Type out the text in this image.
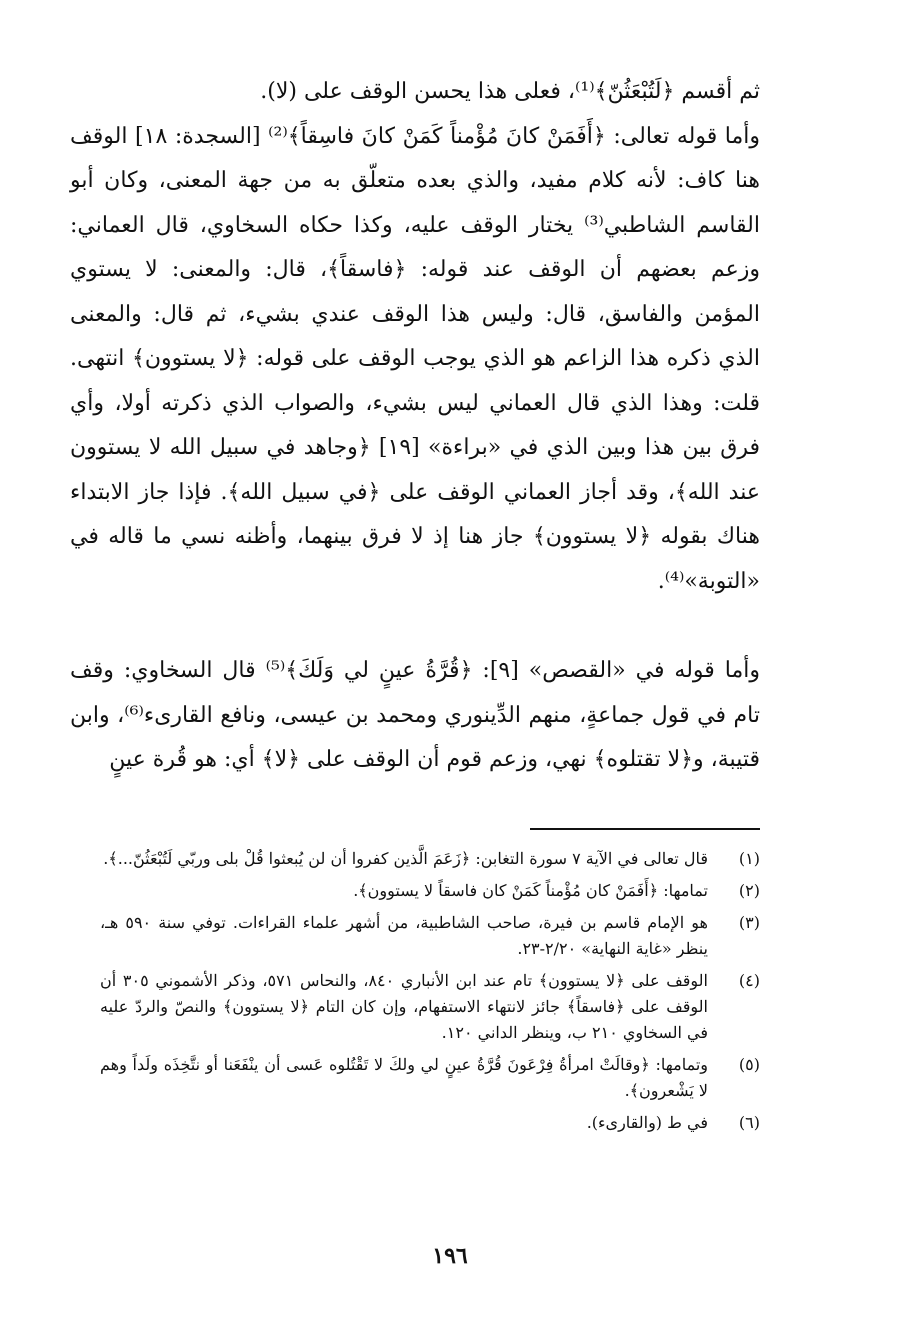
ثم أقسم ﴿لَتُبْعَثُنّ﴾⁽¹⁾، فعلى هذا يحسن الوقف على (لا).

وأما قوله تعالى: ﴿أَفَمَنْ كانَ مُؤْمناً كَمَنْ كانَ فاسِقاً﴾⁽²⁾ [السجدة: ١٨] الوقف هنا كاف: لأنه كلام مفيد، والذي بعده متعلّق به من جهة المعنى، وكان أبو القاسم الشاطبي⁽³⁾ يختار الوقف عليه، وكذا حكاه السخاوي، قال العماني: وزعم بعضهم أن الوقف عند قوله: ﴿فاسقاً﴾، قال: والمعنى: لا يستوي المؤمن والفاسق، قال: وليس هذا الوقف عندي بشيء، ثم قال: والمعنى الذي ذكره هذا الزاعم هو الذي يوجب الوقف على قوله: ﴿لا يستوون﴾ انتهى. قلت: وهذا الذي قال العماني ليس بشيء، والصواب الذي ذكرته أولا، وأي فرق بين هذا وبين الذي في «براءة» [١٩] ﴿وجاهد في سبيل الله لا يستوون عند الله﴾، وقد أجاز العماني الوقف على ﴿في سبيل الله﴾. فإذا جاز الابتداء هناك بقوله ﴿لا يستوون﴾ جاز هنا إذ لا فرق بينهما، وأظنه نسي ما قاله في «التوبة»⁽⁴⁾.

وأما قوله في «القصص» [٩]: ﴿قُرَّةُ عينٍ لي وَلَكَ﴾⁽⁵⁾ قال السخاوي: وقف تام في قول جماعةٍ، منهم الدِّينوري ومحمد بن عيسى، ونافع القارىء⁽⁶⁾، وابن قتيبة، و﴿لا تقتلوه﴾ نهي، وزعم قوم أن الوقف على ﴿لا﴾ أي: هو قُرة عينٍ

(١)
قال تعالى في الآية ٧ سورة التغابن: ﴿زَعَمَ الَّذين كفروا أن لن يُبعثوا قُلْ بلى وربّي لَتُبْعَثُنّ...﴾.
(٢)
تمامها: ﴿أَفَمَنْ كان مُؤْمناً كَمَنْ كان فاسقاً لا يستوون﴾.
(٣)
هو الإمام قاسم بن فيرة، صاحب الشاطبية، من أشهر علماء القراءات. توفي سنة ٥٩٠ هـ، ينظر «غاية النهاية» ٢/٢٠-٢٣.
(٤)
الوقف على ﴿لا يستوون﴾ تام عند ابن الأنباري ٨٤٠، والنحاس ٥٧١، وذكر الأشموني ٣٠٥ أن الوقف على ﴿فاسقاً﴾ جائز لانتهاء الاستفهام، وإن كان التام ﴿لا يستوون﴾ والنصّ والردّ عليه في السخاوي ٢١٠ ب، وينظر الداني ١٢٠.
(٥)
وتمامها: ﴿وقالَتْ امرأةُ فِرْعَونَ قُرَّةُ عينٍ لي ولكَ لا تَقْتُلوه عَسى أن ينْفَعَنا أو نتَّخِذَه ولَداً وهم لا يَشْعرون﴾.
(٦)
في ط (والقارىء).
١٩٦
